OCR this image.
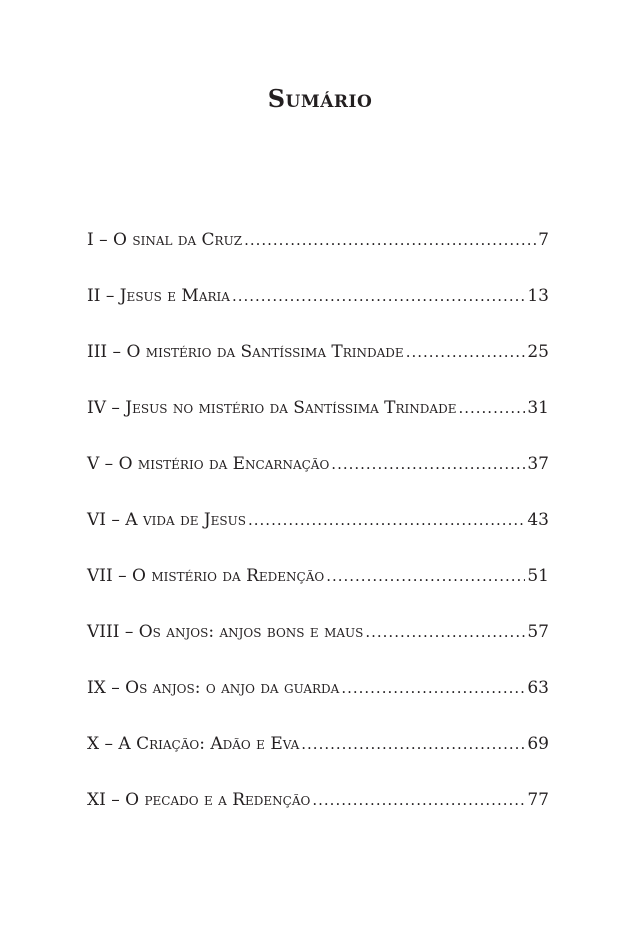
Sumário
I – O sinal da Cruz .....	7
II – Jesus e Maria .....	13
III – O mistério da Santíssima Trindade .....	25
IV – Jesus no mistério da Santíssima Trindade .....	31
V – O mistério da Encarnação .....	37
VI – A vida de Jesus .....	43
VII – O mistério da Redenção .....	51
VIII – Os anjos: anjos bons e maus .....	57
IX – Os anjos: o anjo da guarda .....	63
X – A Criação: Adão e Eva .....	69
XI – O pecado e a Redenção .....	77
